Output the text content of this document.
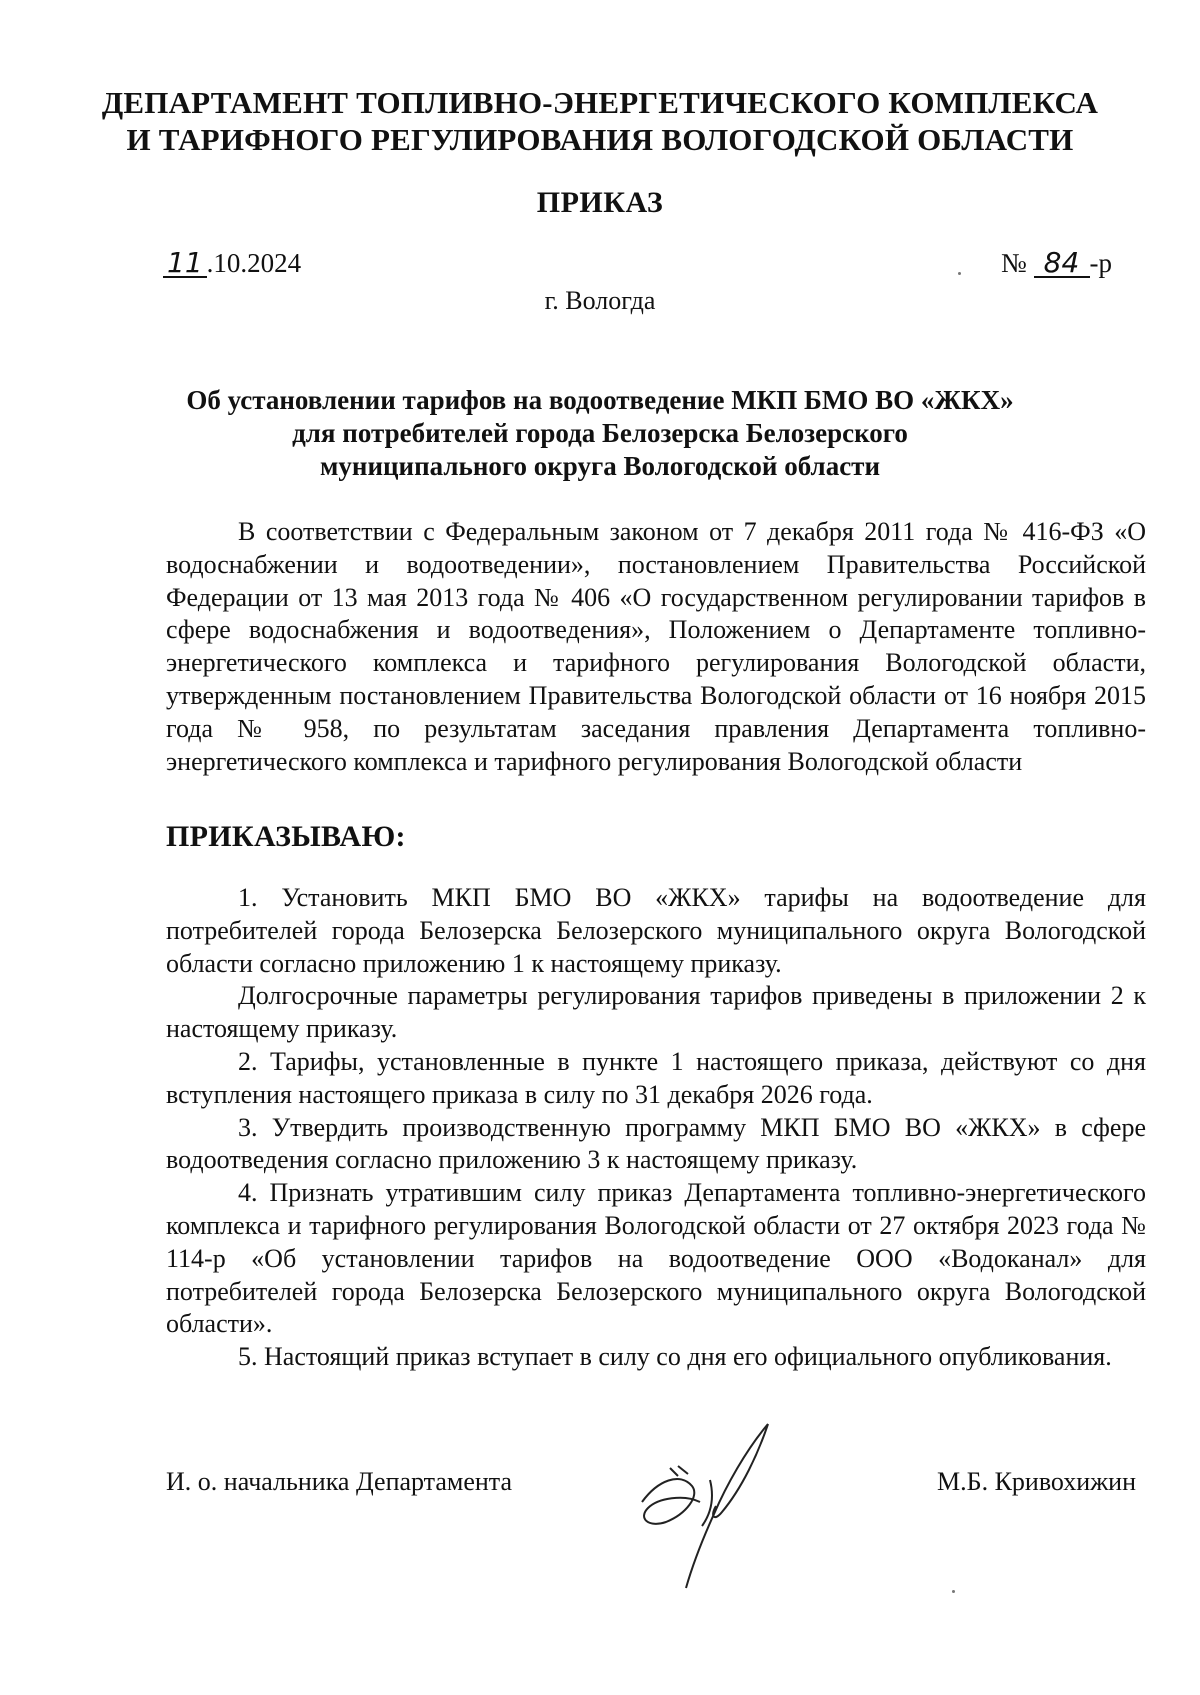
ДЕПАРТАМЕНТ ТОПЛИВНО-ЭНЕРГЕТИЧЕСКОГО КОМПЛЕКСА
И ТАРИФНОГО РЕГУЛИРОВАНИЯ ВОЛОГОДСКОЙ ОБЛАСТИ
ПРИКАЗ
11 .10.2024	№ 84 -р
г. Вологда
Об установлении тарифов на водоотведение МКП БМО ВО «ЖКХ»
для потребителей города Белозерска Белозерского
муниципального округа Вологодской области
В соответствии с Федеральным законом от 7 декабря 2011 года № 416-ФЗ «О водоснабжении и водоотведении», постановлением Правительства Российской Федерации от 13 мая 2013 года № 406 «О государственном регулировании тарифов в сфере водоснабжения и водоотведения», Положением о Департаменте топливно-энергетического комплекса и тарифного регулирования Вологодской области, утвержденным постановлением Правительства Вологодской области от 16 ноября 2015 года № 958, по результатам заседания правления Департамента топливно-энергетического комплекса и тарифного регулирования Вологодской области
ПРИКАЗЫВАЮ:

1. Установить МКП БМО ВО «ЖКХ» тарифы на водоотведение для потребителей города Белозерска Белозерского муниципального округа Вологодской области согласно приложению 1 к настоящему приказу.

Долгосрочные параметры регулирования тарифов приведены в приложении 2 к настоящему приказу.

2. Тарифы, установленные в пункте 1 настоящего приказа, действуют со дня вступления настоящего приказа в силу по 31 декабря 2026 года.

3. Утвердить производственную программу МКП БМО ВО «ЖКХ» в сфере водоотведения согласно приложению 3 к настоящему приказу.

4. Признать утратившим силу приказ Департамента топливно-энергетического комплекса и тарифного регулирования Вологодской области от 27 октября 2023 года № 114-р «Об установлении тарифов на водоотведение ООО «Водоканал» для потребителей города Белозерска Белозерского муниципального округа Вологодской области».

5. Настоящий приказ вступает в силу со дня его официального опубликования.

И. о. начальника Департамента	М.Б. Кривохижин
